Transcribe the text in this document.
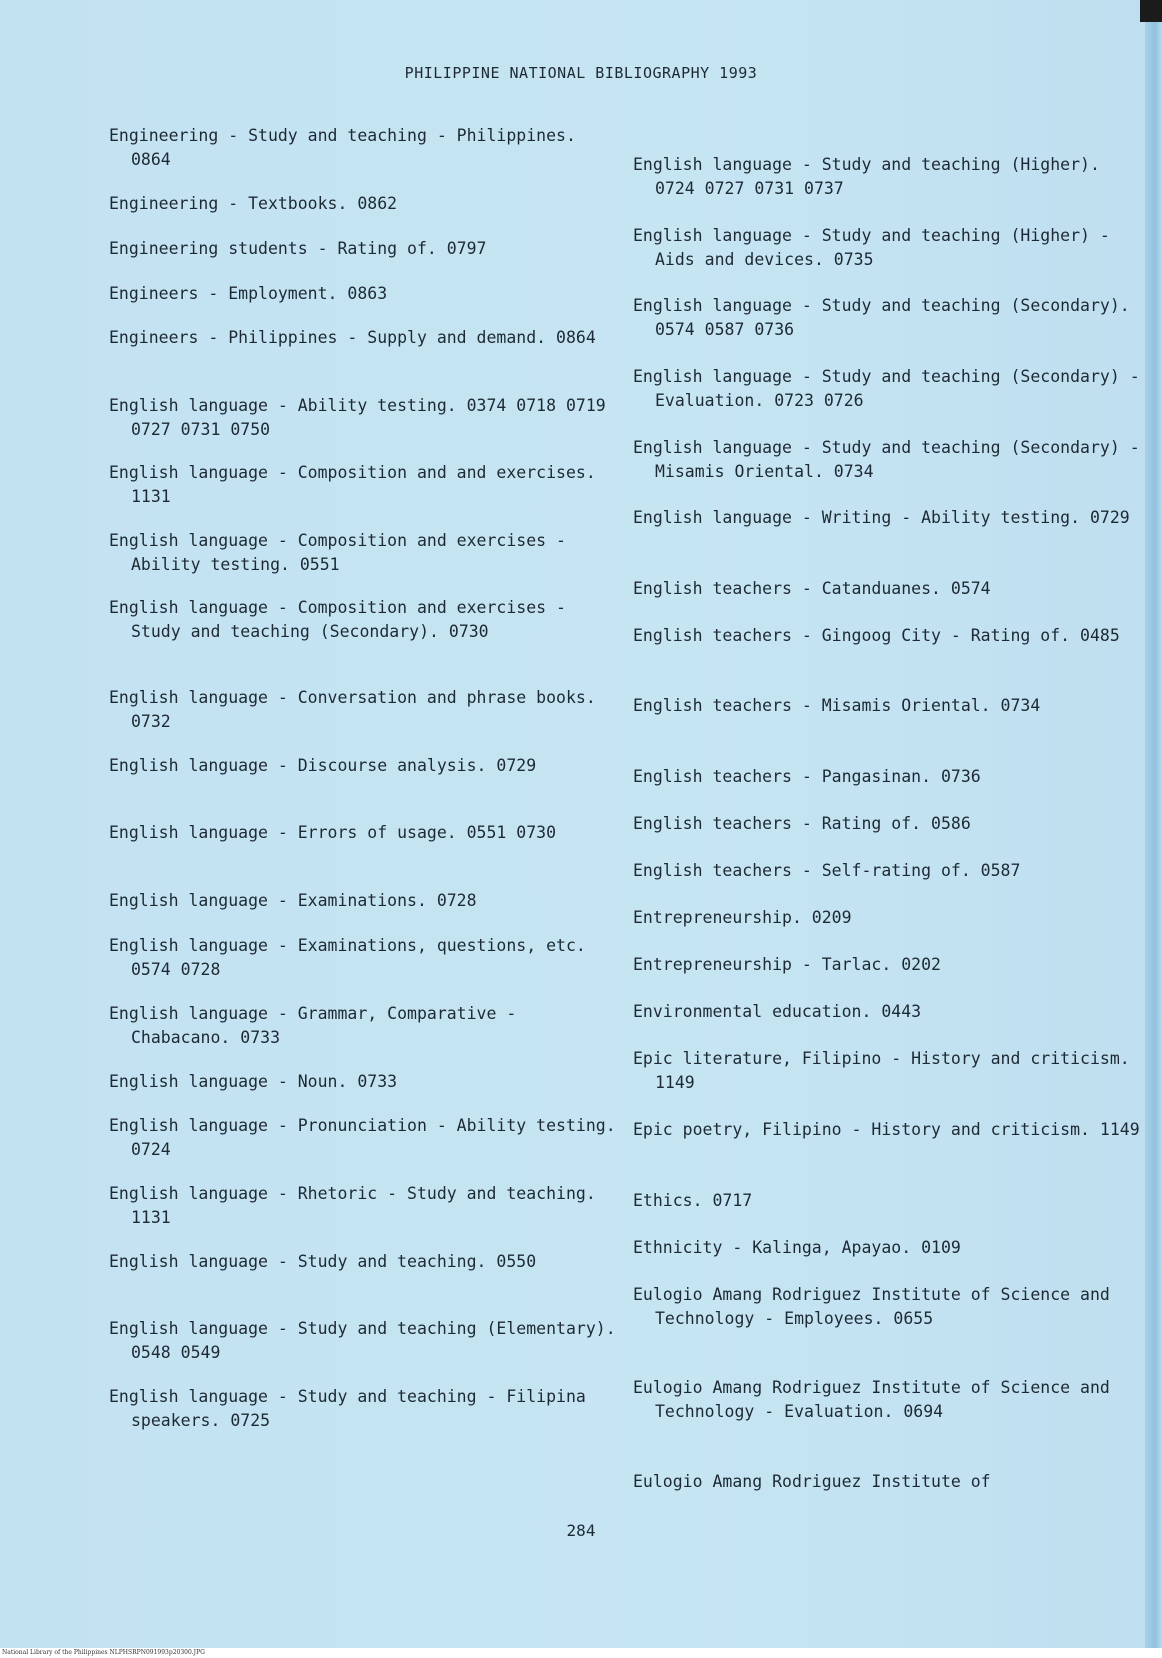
PHILIPPINE NATIONAL BIBLIOGRAPHY 1993
Engineering - Study and teaching - Philippines. 0864
Engineering - Textbooks. 0862
Engineering students - Rating of. 0797
Engineers - Employment. 0863
Engineers - Philippines - Supply and demand. 0864
English language - Ability testing. 0374 0718 0719 0727 0731 0750
English language - Composition and and exercises. 1131
English language - Composition and exercises - Ability testing. 0551
English language - Composition and exercises - Study and teaching (Secondary). 0730
English language - Conversation and phrase books. 0732
English language - Discourse analysis. 0729
English language - Errors of usage. 0551 0730
English language - Examinations. 0728
English language - Examinations, questions, etc. 0574 0728
English language - Grammar, Comparative - Chabacano. 0733
English language - Noun. 0733
English language - Pronunciation - Ability testing. 0724
English language - Rhetoric - Study and teaching. 1131
English language - Study and teaching. 0550
English language - Study and teaching (Elementary). 0548 0549
English language - Study and teaching - Filipina speakers. 0725
English language - Study and teaching (Higher). 0724 0727 0731 0737
English language - Study and teaching (Higher) - Aids and devices. 0735
English language - Study and teaching (Secondary). 0574 0587 0736
English language - Study and teaching (Secondary) - Evaluation. 0723 0726
English language - Study and teaching (Secondary) - Misamis Oriental. 0734
English language - Writing - Ability testing. 0729
English teachers - Catanduanes. 0574
English teachers - Gingoog City - Rating of. 0485
English teachers - Misamis Oriental. 0734
English teachers - Pangasinan. 0736
English teachers - Rating of. 0586
English teachers - Self-rating of. 0587
Entrepreneurship. 0209
Entrepreneurship - Tarlac. 0202
Environmental education. 0443
Epic literature, Filipino - History and criticism. 1149
Epic poetry, Filipino - History and criticism. 1149
Ethics. 0717
Ethnicity - Kalinga, Apayao. 0109
Eulogio Amang Rodriguez Institute of Science and Technology - Employees. 0655
Eulogio Amang Rodriguez Institute of Science and Technology - Evaluation. 0694
Eulogio Amang Rodriguez Institute of
284
National Library of the Philippines NLPHSRPN091993p20300.JPG
